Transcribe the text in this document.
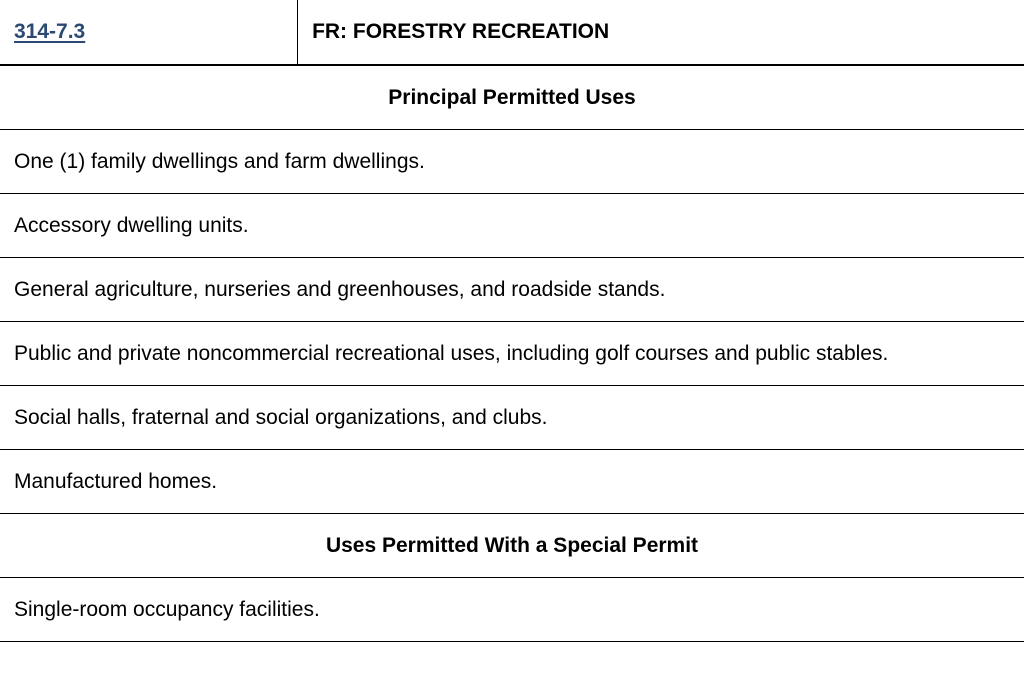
314-7.3	FR: FORESTRY RECREATION
Principal Permitted Uses
One (1) family dwellings and farm dwellings.
Accessory dwelling units.
General agriculture, nurseries and greenhouses, and roadside stands.
Public and private noncommercial recreational uses, including golf courses and public stables.
Social halls, fraternal and social organizations, and clubs.
Manufactured homes.
Uses Permitted With a Special Permit
Single-room occupancy facilities.
